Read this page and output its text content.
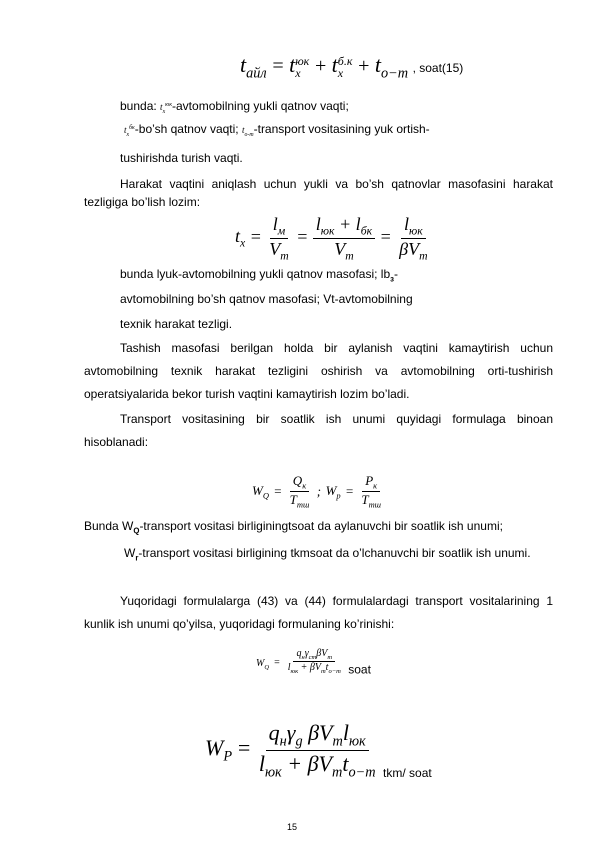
$t_{айл} = t$ юк
х + t б.к
$х + t_{о-т}$ , soat(15)
bunda: $t_х^{юк}$-avtomobilning yukli qatnov vaqti;
$t_х^{бк}-bo’sh$ qatnov vaqti; $t_{о-т}$-transport vositasining yuk ortish-
tushirishda turish vaqti.
Harakat vaqtini aniqlash uchun yukli va bo’sh qatnovlar masofasini harakat tezligiga bo’lish lozim:
$t_х = \frac{l_м}{V_т} = \frac{l_{юк} + l_{бк}}{V_т} = \frac{l_{юк}}{\beta V_т}$
bunda lyuk-avtomobilning yukli qatnov masofasi; $lb_з-$
avtomobilning bo’sh qatnov masofasi; Vt-avtomobilning
texnik harakat tezligi.
Tashish masofasi berilgan holda bir aylanish vaqtini kamaytirish uchun avtomobilning texnik harakat tezligini oshirish va avtomobilning orti-tushirish operatsiyalarida bekor turish vaqtini kamaytirish lozim bo’ladi.
Transport vositasining bir soatlik ish unumi quyidagi formulaga binoan hisoblanadi:
$W_Q = \frac{Q_к}{T_{тш}}$ ; $W_р = \frac{P_к}{T_{тш}}$
Bunda $W_Q$-transport vositasi birliginingtsoat da aylanuvchi bir soatlik ish unumi;
$W_r$-transport vositasi birligining tkmsoat da o’lchanuvchi bir soatlik ish unumi.
Yuqoridagi formulalarga (43) va (44) formulalardagi transport vositalarining 1 kunlik ish unumi qo’yilsa, yuqoridagi formulaning ko’rinishi:
$W_Q = \frac{q_н\gamma_{ст}\beta V_т}{l_{юк} + \beta V_тt_{о-т}} _{soat}$
$W_P = \frac{q_н\gamma_g \beta V_тl_{юк}}{l_{юк} + \beta V_тt_{о-т}} _{tkm/ soat}$
15
